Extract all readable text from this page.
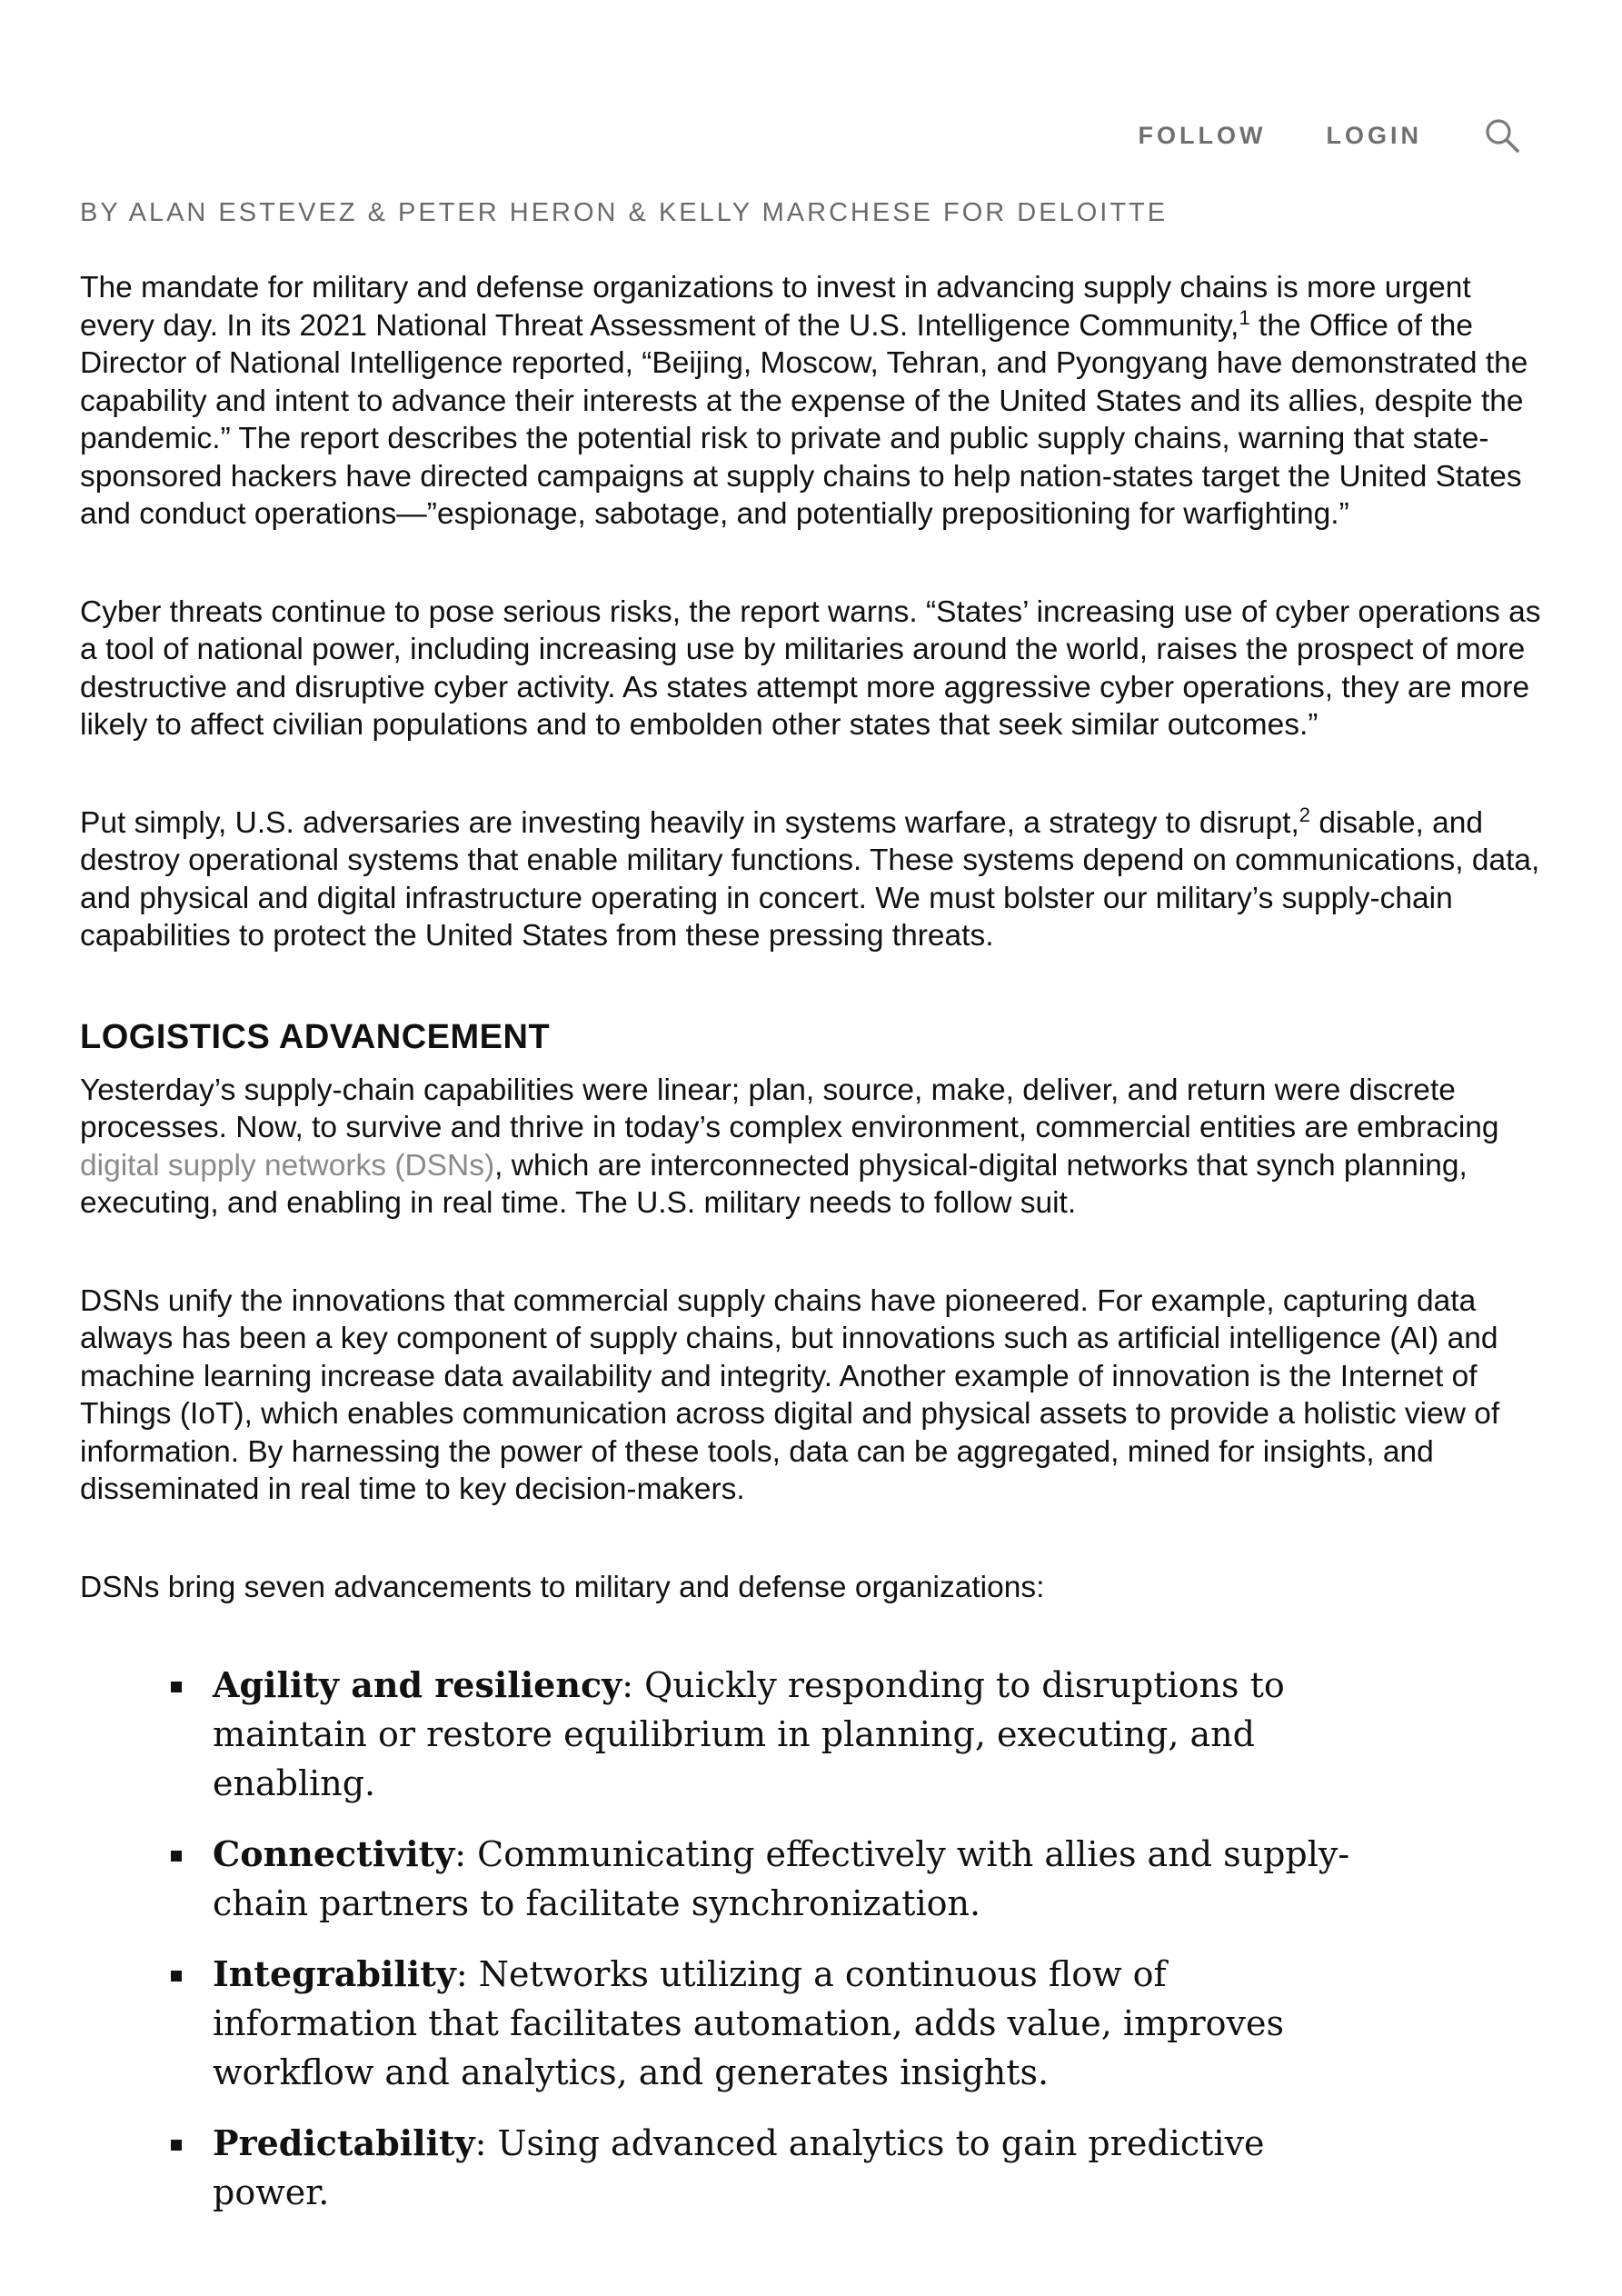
FOLLOW LOGIN
BY ALAN ESTEVEZ & PETER HERON & KELLY MARCHESE FOR DELOITTE

The mandate for military and defense organizations to invest in advancing supply chains is more urgent every day. In its 2021 National Threat Assessment of the U.S. Intelligence Community,$^1$ the Office of the Director of National Intelligence reported, “Beijing, Moscow, Tehran, and Pyongyang have demonstrated the capability and intent to advance their interests at the expense of the United States and its allies, despite the pandemic.” The report describes the potential risk to private and public supply chains, warning that state-sponsored hackers have directed campaigns at supply chains to help nation-states target the United States and conduct operations—”espionage, sabotage, and potentially prepositioning for warfighting.”

Cyber threats continue to pose serious risks, the report warns. “States’ increasing use of cyber operations as a tool of national power, including increasing use by militaries around the world, raises the prospect of more destructive and disruptive cyber activity. As states attempt more aggressive cyber operations, they are more likely to affect civilian populations and to embolden other states that seek similar outcomes.”

Put simply, U.S. adversaries are investing heavily in systems warfare, a strategy to disrupt,$^2$ disable, and destroy operational systems that enable military functions. These systems depend on communications, data, and physical and digital infrastructure operating in concert. We must bolster our military’s supply-chain capabilities to protect the United States from these pressing threats.

LOGISTICS ADVANCEMENT

Yesterday’s supply-chain capabilities were linear; plan, source, make, deliver, and return were discrete processes. Now, to survive and thrive in today’s complex environment, commercial entities are embracing digital supply networks (DSNs), which are interconnected physical-digital networks that synch planning, executing, and enabling in real time. The U.S. military needs to follow suit.

DSNs unify the innovations that commercial supply chains have pioneered. For example, capturing data always has been a key component of supply chains, but innovations such as artificial intelligence (AI) and machine learning increase data availability and integrity. Another example of innovation is the Internet of Things (IoT), which enables communication across digital and physical assets to provide a holistic view of information. By harnessing the power of these tools, data can be aggregated, mined for insights, and disseminated in real time to key decision-makers.

DSNs bring seven advancements to military and defense organizations:

Agility and resiliency: Quickly responding to disruptions to maintain or restore equilibrium in planning, executing, and enabling.
Connectivity: Communicating effectively with allies and supply-chain partners to facilitate synchronization.
Integrability: Networks utilizing a continuous flow of information that facilitates automation, adds value, improves workflow and analytics, and generates insights.
Predictability: Using advanced analytics to gain predictive power.
